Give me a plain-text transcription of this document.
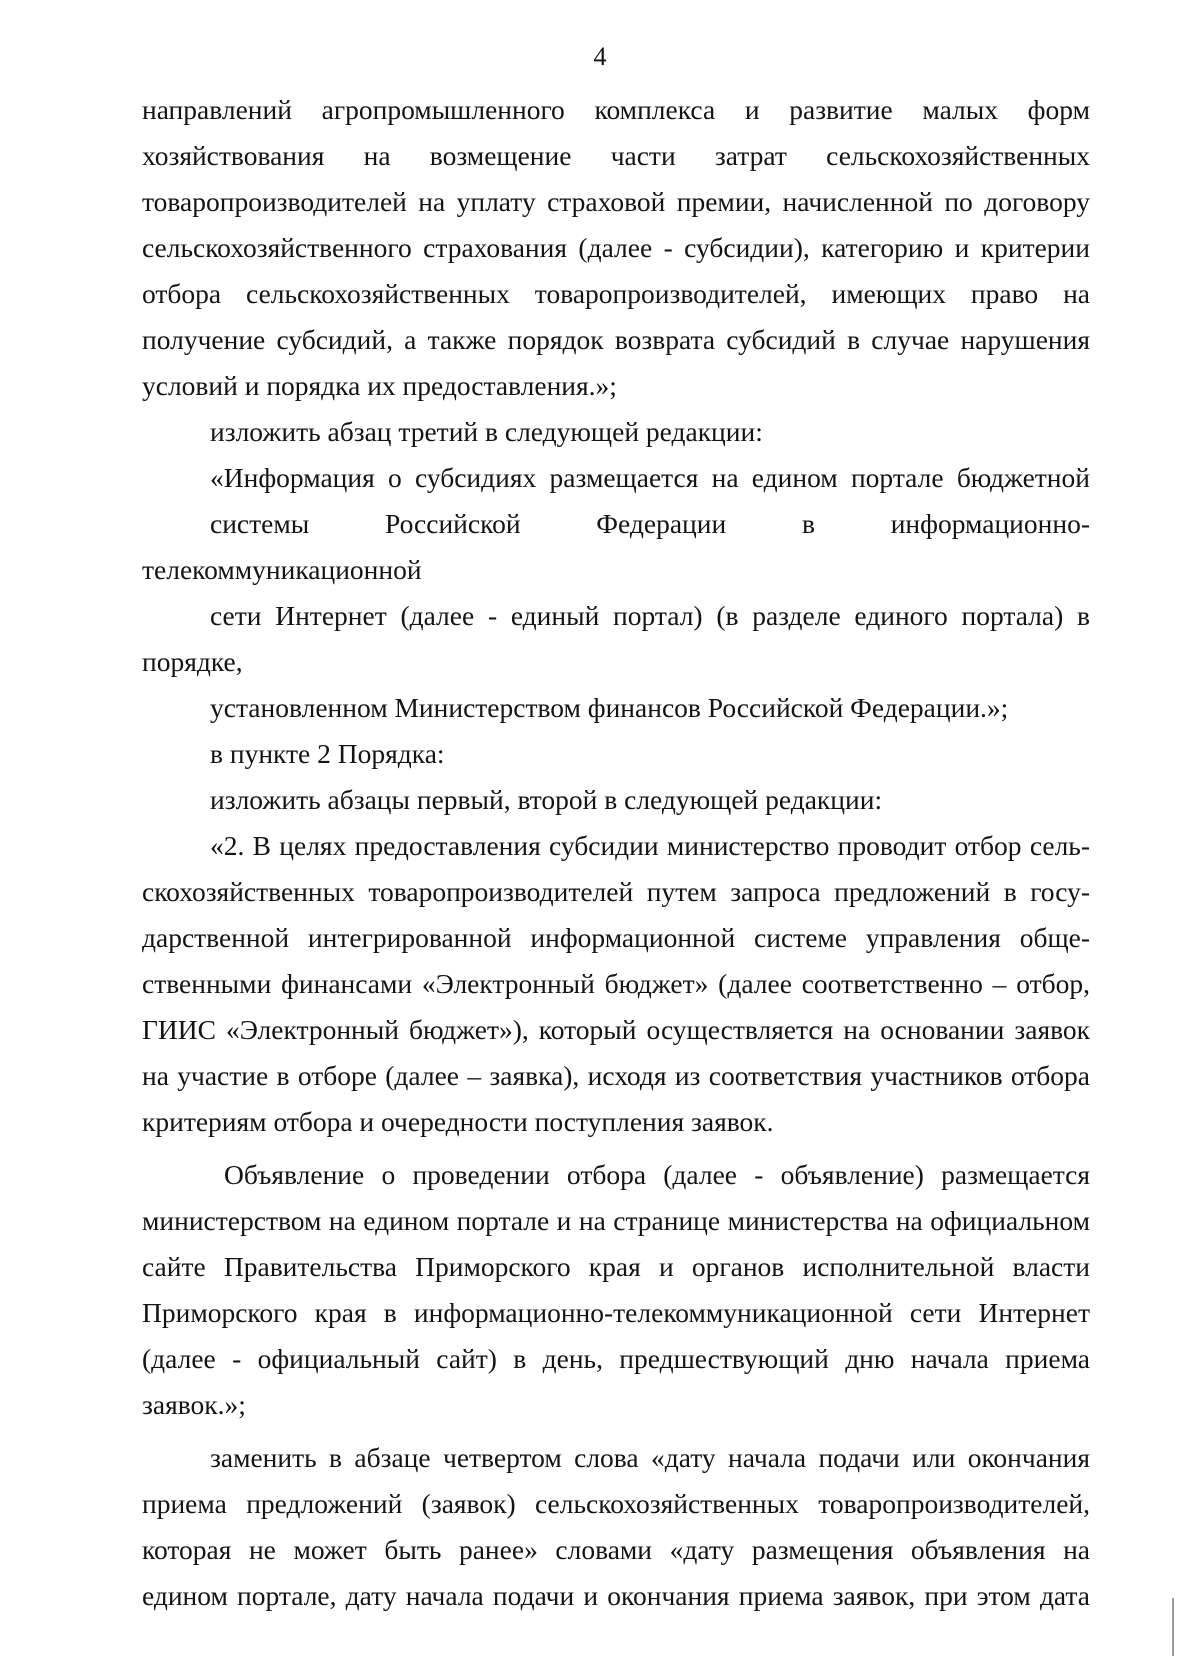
4
направлений агропромышленного комплекса и развитие малых форм
хозяйствования на возмещение части затрат сельскохозяйственных
товаропроизводителей на уплату страховой премии, начисленной по договору
сельскохозяйственного страхования (далее - субсидии), категорию и критерии
отбора сельскохозяйственных товаропроизводителей, имеющих право на
получение субсидий, а также порядок возврата субсидий в случае нарушения
условий и порядка их предоставления.»;
изложить абзац третий в следующей редакции:
«Информация о субсидиях размещается на едином портале бюджетной
системы Российской Федерации в информационно-телекоммуникационной
сети Интернет (далее - единый портал) (в разделе единого портала) в порядке,
установленном Министерством финансов Российской Федерации.»;
в пункте 2 Порядка:
изложить абзацы первый, второй в следующей редакции:
«2. В целях предоставления субсидии министерство проводит отбор сель-
скохозяйственных товаропроизводителей путем запроса предложений в госу-
дарственной интегрированной информационной системе управления обще-
ственными финансами «Электронный бюджет» (далее соответственно – отбор,
ГИИС «Электронный бюджет»), который осуществляется на основании заявок
на участие в отборе (далее – заявка), исходя из соответствия участников отбора
критериям отбора и очередности поступления заявок.
Объявление о проведении отбора (далее - объявление) размещается
министерством на едином портале и на странице министерства на официальном
сайте Правительства Приморского края и органов исполнительной власти
Приморского края в информационно-телекоммуникационной сети Интернет
(далее - официальный сайт) в день, предшествующий дню начала приема
заявок.»;
заменить в абзаце четвертом слова «дату начала подачи или окончания
приема предложений (заявок) сельскохозяйственных товаропроизводителей,
которая не может быть ранее» словами «дату размещения объявления на
едином портале, дату начала подачи и окончания приема заявок, при этом дата
